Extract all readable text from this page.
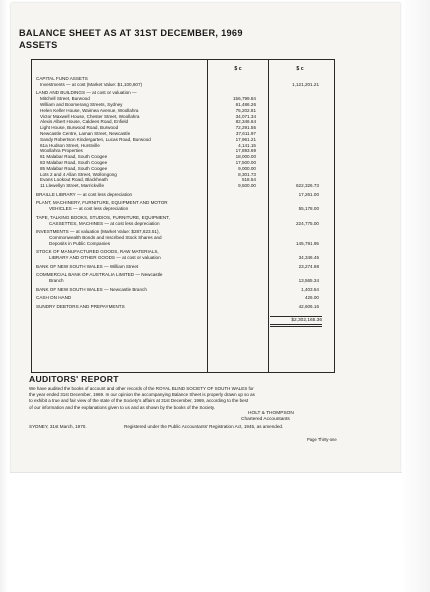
BALANCE SHEET AS AT 31ST DECEMBER, 1969
ASSETS
$ c	$ c
CAPITAL FUND ASSETS
Investments — at cost (Market Value: $1,100,607)	1,121,201.21
LAND AND BUILDINGS — at cost or valuation —
Mitchell Street, Burwood	156,799.84
William and Boomerang Streets, Sydney	61,486.26
Helen Keller House, Waimea Avenue, Woollahra	75,202.81
Victor Maxwell House, Chester Street, Woollahra	34,071.34
Alexis Albert House, Caldees Road, Enfield	82,346.64
Light House, Burwood Road, Burwood	72,291.55
Newcastle Centre, Laman Street, Newcastle	37,611.97
Sandy Robertson Kindergarten, Lucas Road, Burwood	17,961.21
61a Hudson Street, Hurstville	4,141.15
Woollahra Properties	17,893.69
81 Malabar Road, South Coogee	18,000.00
83 Malabar Road, South Coogee	17,500.00
85 Malabar Road, South Coogee	9,000.00
Lots 2 and 4 Allan Street, Wollongong	8,301.73
Evans Lookout Road, Blackheath	518.54
11 Llewellyn Street, Marrickville	9,500.00	622,326.73
BRAILLE LIBRARY — at cost less depreciation	17,261.00
PLANT, MACHINERY, FURNITURE, EQUIPMENT AND MOTOR
VEHICLES — at cost less depreciation	55,178.00
TAPE, TALKING BOOKS, STUDIOS, FURNITURE, EQUIPMENT,
CASSETTES, MACHINES — at cost less depreciation	224,775.00
INVESTMENTS — at valuation (Market Value: $287,623.51),
Commonwealth Bonds and Inscribed Stock Shares and
Deposits in Public Companies	145,791.95
STOCK OF MANUFACTURED GOODS, RAW MATERIALS,
LIBRARY AND OTHER GOODS — at cost or valuation	34,346.45
BANK OF NEW SOUTH WALES — William Street	23,274.98
COMMERCIAL BANK OF AUSTRALIA LIMITED — Newcastle
Branch	13,565.34
BANK OF NEW SOUTH WALES — Newcastle Branch	1,403.54
CASH ON HAND	426.00
SUNDRY DEBTORS AND PREPAYMENTS	42,606.16
$2,302,165.36
AUDITORS' REPORT
We have audited the books of account and other records of the ROYAL BLIND SOCIETY OF SOUTH WALES for
the year ended 31st December, 1969. In our opinion the accompanying Balance Sheet is properly drawn up so as
to exhibit a true and fair view of the state of the Society's affairs at 31st December, 1969, according to the best
of our information and the explanations given to us and as shown by the books of the Society.
HOLT & THOMPSON
Chartered Accountants
SYDNEY, 31st March, 1970.	Registered under the Public Accountants' Registration Act, 1945, as amended.
Page Thirty-one
